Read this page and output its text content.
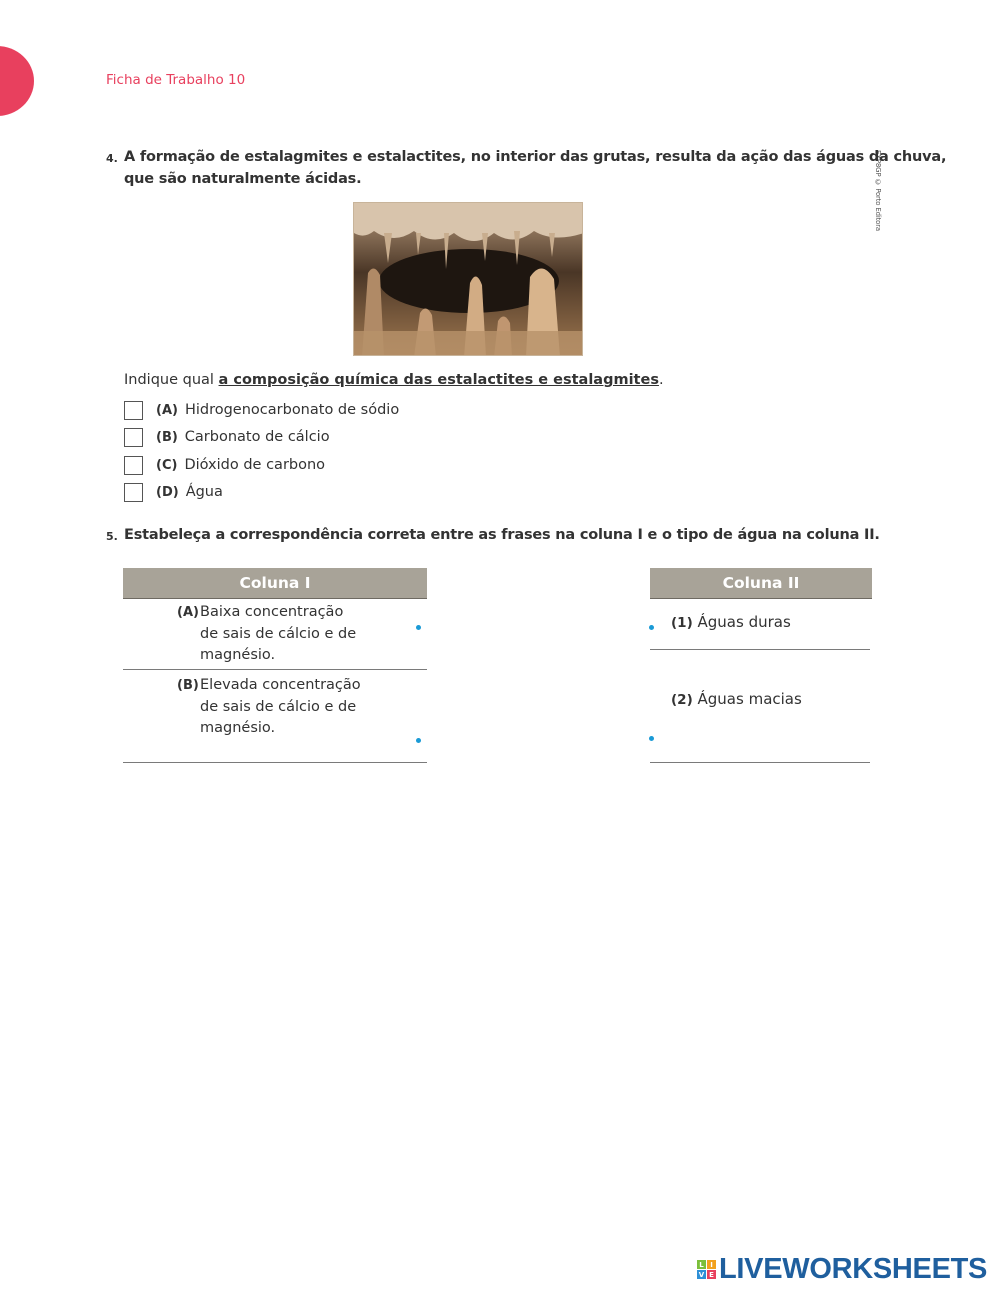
Ficha de Trabalho 10
EXP8GP © Porto Editora
4. A formação de estalagmites e estalactites, no interior das grutas, resulta da ação das águas da chuva,
que são naturalmente ácidas.
Indique qual a composição química das estalactites e estalagmites.
(A) Hidrogenocarbonato de sódio
(B) Carbonato de cálcio
(C) Dióxido de carbono
(D) Água
5. Estabeleça a correspondência correta entre as frases na coluna I e o tipo de água na coluna II.
Coluna I
(A) Baixa concentração
de sais de cálcio e de
magnésio.
(B) Elevada concentração
de sais de cálcio e de
magnésio.
Coluna II
(1) Águas duras
(2) Águas macias
L I
V E LIVEWORKSHEETS
